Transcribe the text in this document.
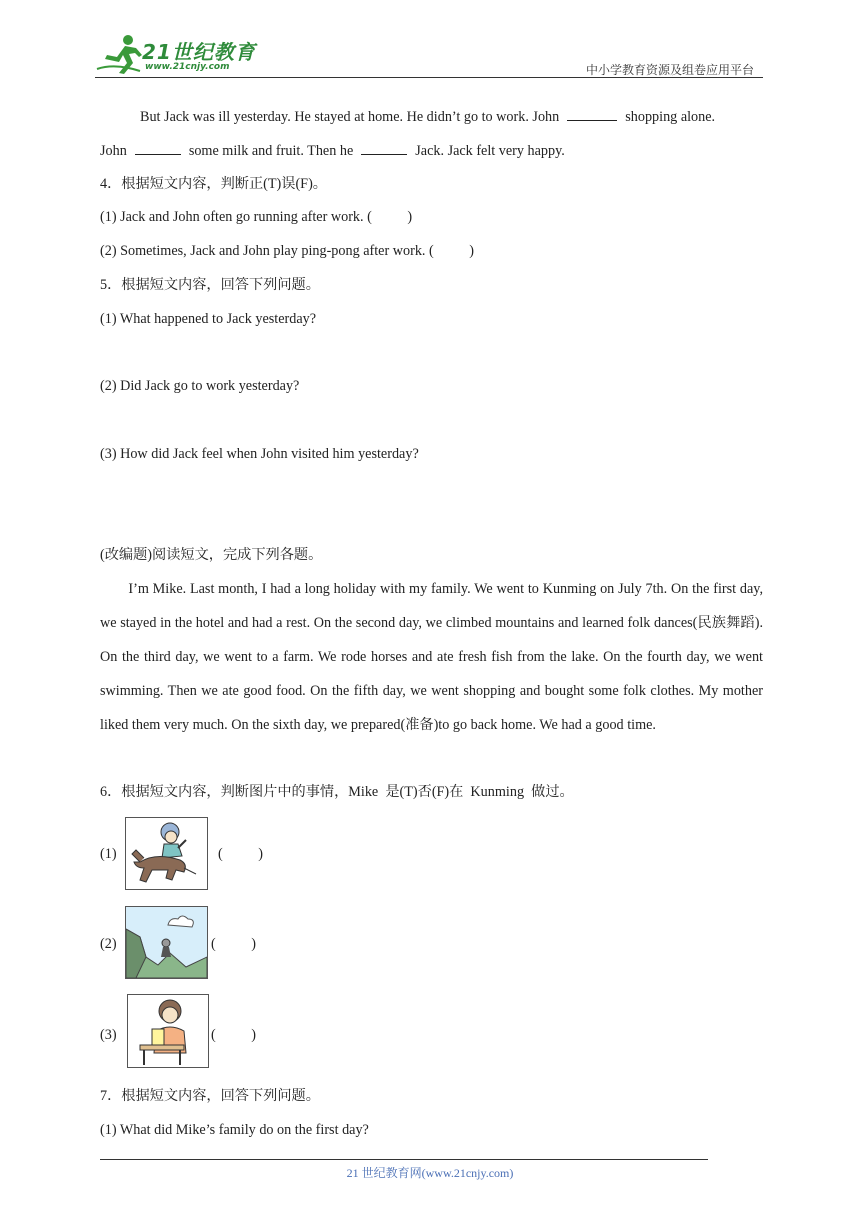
21世纪教育
www.21cnjy.com	中小学教育资源及组卷应用平台
But Jack was ill yesterday. He stayed at home. He didn’t go to work. John	shopping alone.
John	some milk and fruit. Then he	Jack. Jack felt very happy.
4．根据短文内容，判断正(T)误(F)。
(1) Jack and John often go running after work. (          )
(2) Sometimes, Jack and John play ping-pong after work. (          )
5．根据短文内容，回答下列问题。
(1) What happened to Jack yesterday?
(2) Did Jack go to work yesterday?
(3) How did Jack feel when John visited him yesterday?
(改编题)阅读短文，完成下列各题。
I’m Mike. Last month, I had a long holiday with my family. We went to Kunming on July 7th. On the first day, we stayed in the hotel and had a rest. On the second day, we climbed mountains and learned folk dances(民族舞蹈). On the third day, we went to a farm. We rode horses and ate fresh fish from the lake. On the fourth day, we went swimming. Then we ate good food. On the fifth day, we went shopping and bought some folk clothes. My mother liked them very much. On the sixth day, we prepared(准备)to go back home. We had a good time.
6．根据短文内容，判断图片中的事情，Mike  是(T)否(F)在  Kunming  做过。
(1)	(          )
(2)	(          )
(3)	(          )
7．根据短文内容，回答下列问题。
(1) What did Mike’s family do on the first day?
21 世纪教育网(www.21cnjy.com)
